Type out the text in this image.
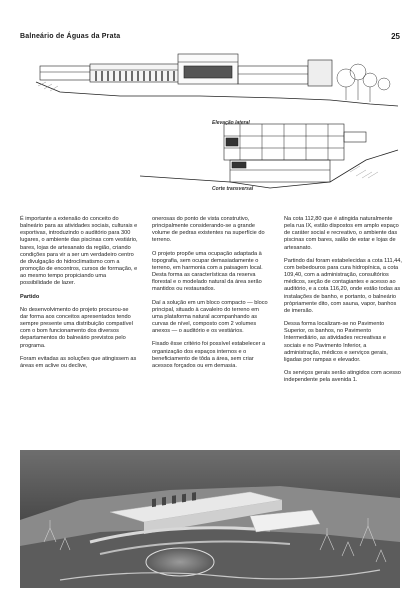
Balneário de Águas da Prata	25
Elevação lateral
Corte transversal

É importante a extensão do conceito do balneário para as atividades sociais, culturais e esportivas, introduzindo o auditório para 300 lugares, o ambiente das piscinas com vestiário, bares, lojas de artesanato da região, criando condições para vir a ser um verdadeiro centro de divulgação do hidroclimatismo com a promoção de encontros, cursos de formação, e ao mesmo tempo propiciando uma possibilidade de lazer.

Partido

No desenvolvimento do projeto procurou-se dar forma aos conceitos apresentados tendo sempre presente uma distribuição compatível com o bom funcionamento dos diversos departamentos do balneário previstos pelo programa.

Foram evitadas as soluções que atingissem as áreas em aclive ou declive,

onerosas do ponto de vista construtivo, principalmente considerando-se a grande volume de pedras existentes na superfície do terreno.

O projeto propõe uma ocupação adaptada à topografia, sem ocupar demasiadamente o terreno, em harmonia com a paisagem local. Desta forma as características da reserva florestal e o modelado natural da área serão mantidos ou restaurados.

Daí a solução em um bloco compacto — bloco principal, situado à cavaleiro do terreno em uma plataforma natural acompanhando as curvas de nível, composto com 2 volumes anexos — o auditório e os vestiários.

Fixado êsse critério foi possível estabelecer a organização dos espaços internos e o beneficiamento de tôda a área, sem criar acessos forçados ou em demasia.

Na cota 112,80 que é atingida naturalmente pela rua IX, estão dispostos em amplo espaço de caráter social e recreativo, o ambiente das piscinas com bares, salão de estar e lojas de artesanato.

Partindo daí foram estabelecidas a cota 111,44, com bebedouros para cura hidropínica, a cota 109,40, com a administração, consultórios médicos, seção de contagiantes e acesso ao auditório, e a cota 116,20, onde estão todas as instalações de banho, e portanto, o balneário pròpriamente dito, com sauna, vapor, banhos de imersão.

Dessa forma localizam-se no Pavimento Superior, os banhos, no Pavimento Intermediário, as atividades recreativas e sociais e no Pavimento Inferior, a administração, médicos e serviços gerais, ligadas por rampas e elevador.

Os serviços gerais serão atingidos com acesso independente pela avenida 1.
